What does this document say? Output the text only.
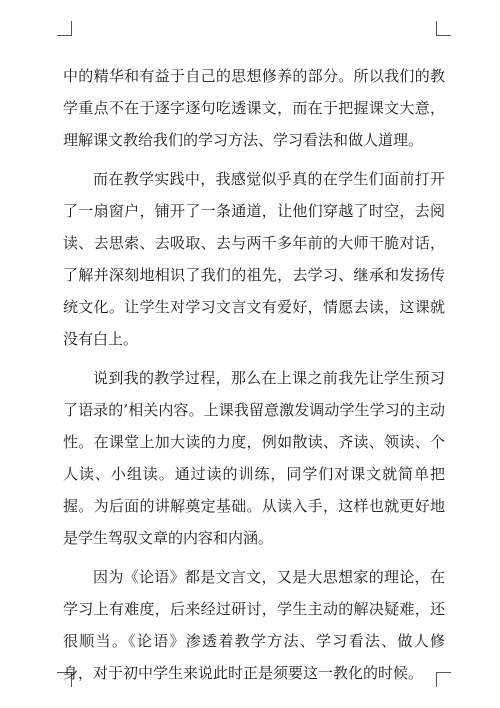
中的精华和有益于自己的思想修养的部分。所以我们的教学重点不在于逐字逐句吃透课文，而在于把握课文大意，理解课文教给我们的学习方法、学习看法和做人道理。

而在教学实践中，我感觉似乎真的在学生们面前打开了一扇窗户，铺开了一条通道，让他们穿越了时空，去阅读、去思索、去吸取、去与两千多年前的大师干脆对话，了解并深刻地相识了我们的祖先，去学习、继承和发扬传统文化。让学生对学习文言文有爱好，情愿去读，这课就没有白上。

说到我的教学过程，那么在上课之前我先让学生预习了语录的’相关内容。上课我留意激发调动学生学习的主动性。在课堂上加大读的力度，例如散读、齐读、领读、个人读、小组读。通过读的训练，同学们对课文就简单把握。为后面的讲解奠定基础。从读入手，这样也就更好地是学生驾驭文章的内容和内涵。

因为《论语》都是文言文，又是大思想家的理论，在学习上有难度，后来经过研讨，学生主动的解决疑难，还很顺当。《论语》渗透着教学方法、学习看法、做人修身，对于初中学生来说此时正是须要这一教化的时候。
